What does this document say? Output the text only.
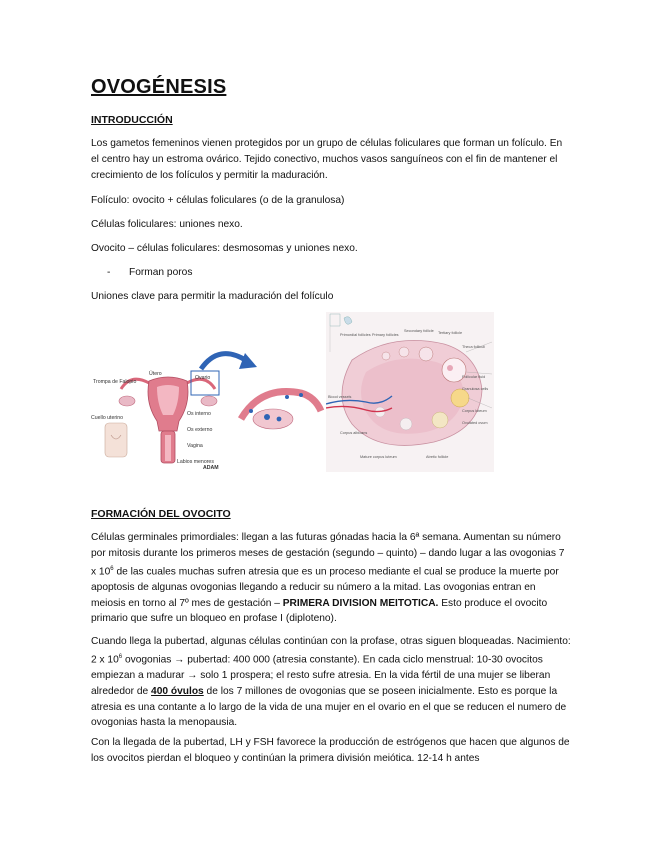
OVOGÉNESIS
INTRODUCCIÓN

Los gametos femeninos vienen protegidos por un grupo de células foliculares que forman un folículo. En el centro hay un estroma ovárico. Tejido conectivo, muchos vasos sanguíneos con el fin de mantener el crecimiento de los folículos y permitir la maduración.

Folículo: ovocito + células foliculares (o de la granulosa)

Células foliculares: uniones nexo.

Ovocito – células foliculares: desmosomas y uniones nexo.

- Forman poros

Uniones clave para permitir la maduración del folículo

Trompa de Falopio
Útero
Ovario
Os interno
Os externo
Cuello uterino
Vagina
Labios menores
ADAM
Primordial follicles Primary follicles
Secondary follicle Tertiary follicle
Theca folliculi
Follicular fluid
Granulosa cells
Corpus luteum
Ovulated ovum
Blood vessels
Corpus albicans
Mature corpus luteum	Atretic follicle
FORMACIÓN DEL OVOCITO

Células germinales primordiales: llegan a las futuras gónadas hacia la 6ª semana. Aumentan su número por mitosis durante los primeros meses de gestación (segundo – quinto) – dando lugar a las ovogonias 7 x $10^6$ de las cuales muchas sufren atresia que es un proceso mediante el cual se produce la muerte por apoptosis de algunas ovogonias llegando a reducir su número a la mitad. Las ovogonias entran en meiosis en torno al 7º mes de gestación – PRIMERA DIVISION MEITOTICA. Esto produce el ovocito primario que sufre un bloqueo en profase I (diploteno).

Cuando llega la pubertad, algunas células continúan con la profase, otras siguen bloqueadas. Nacimiento: 2 x $10^6$ ovogonias → pubertad: 400 000 (atresia constante). En cada ciclo menstrual: 10-30 ovocitos empiezan a madurar → solo 1 prospera; el resto sufre atresia. En la vida fértil de una mujer se liberan alrededor de 400 óvulos de los 7 millones de ovogonias que se poseen inicialmente. Esto es porque la atresia es una contante a lo largo de la vida de una mujer en el ovario en el que se reducen el numero de ovogonias hasta la menopausia.

Con la llegada de la pubertad, LH y FSH favorece la producción de estrógenos que hacen que algunos de los ovocitos pierdan el bloqueo y continúan la primera división meiótica. 12-14 h antes
